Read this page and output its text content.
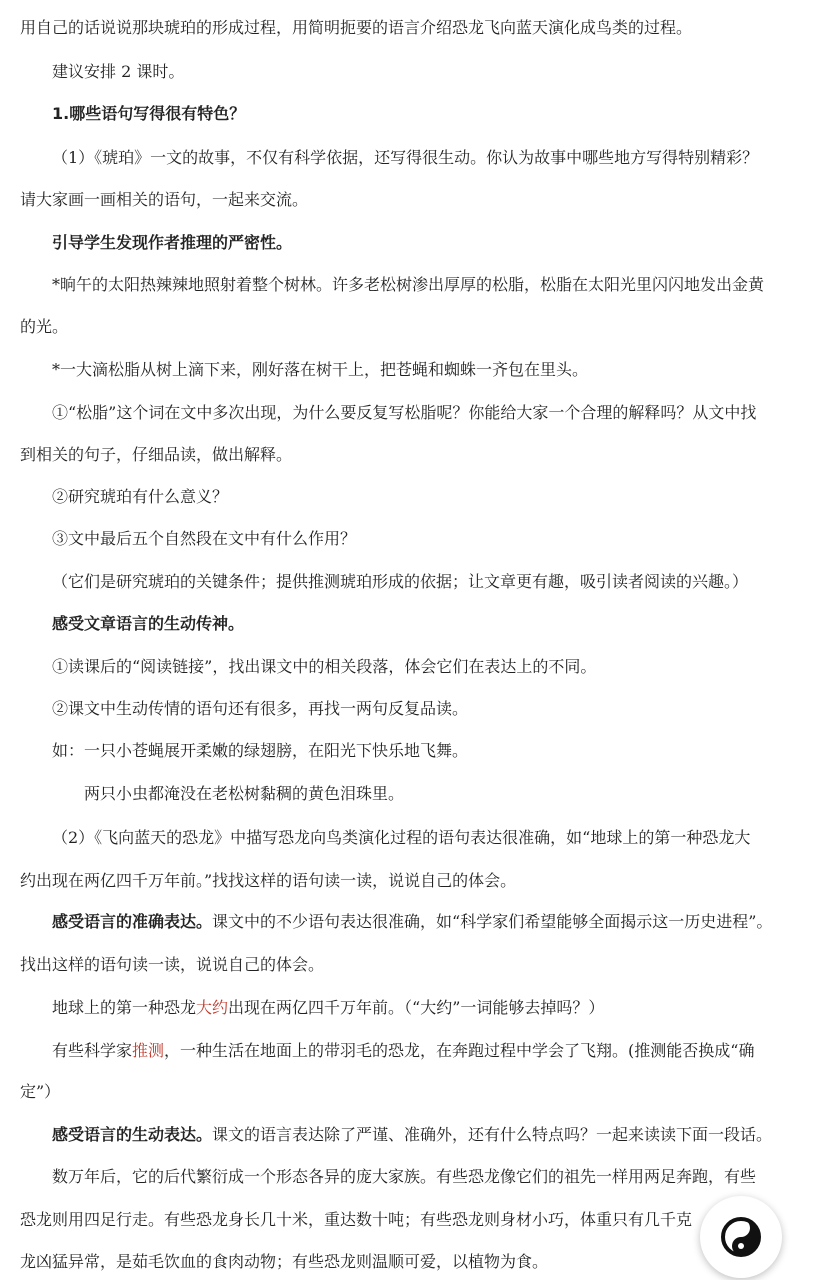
用自己的话说说那块琥珀的形成过程，用简明扼要的语言介绍恐龙飞向蓝天演化成鸟类的过程。
建议安排 2 课时。
1.哪些语句写得很有特色？
（1）《琥珀》一文的故事，不仅有科学依据，还写得很生动。你认为故事中哪些地方写得特别精彩？
请大家画一画相关的语句，一起来交流。
引导学生发现作者推理的严密性。
*晌午的太阳热辣辣地照射着整个树林。许多老松树渗出厚厚的松脂，松脂在太阳光里闪闪地发出金黄
的光。
*一大滴松脂从树上滴下来，刚好落在树干上，把苍蝇和蜘蛛一齐包在里头。
①“松脂”这个词在文中多次出现，为什么要反复写松脂呢？你能给大家一个合理的解释吗？从文中找
到相关的句子，仔细品读，做出解释。
②研究琥珀有什么意义？
③文中最后五个自然段在文中有什么作用？
（它们是研究琥珀的关键条件；提供推测琥珀形成的依据；让文章更有趣，吸引读者阅读的兴趣。）
感受文章语言的生动传神。
①读课后的“阅读链接”，找出课文中的相关段落，体会它们在表达上的不同。
②课文中生动传情的语句还有很多，再找一两句反复品读。
如：一只小苍蝇展开柔嫩的绿翅膀，在阳光下快乐地飞舞。
两只小虫都淹没在老松树黏稠的黄色泪珠里。
（2）《飞向蓝天的恐龙》中描写恐龙向鸟类演化过程的语句表达很准确，如“地球上的第一种恐龙大
约出现在两亿四千万年前。”找找这样的语句读一读，说说自己的体会。
感受语言的准确表达。课文中的不少语句表达很准确，如“科学家们希望能够全面揭示这一历史进程”。
找出这样的语句读一读，说说自己的体会。
地球上的第一种恐龙大约出现在两亿四千万年前。（“大约”一词能够去掉吗？）
有些科学家推测，一种生活在地面上的带羽毛的恐龙，在奔跑过程中学会了飞翔。(推测能否换成“确
定”）
感受语言的生动表达。课文的语言表达除了严谨、准确外，还有什么特点吗？一起来读读下面一段话。
数万年后，它的后代繁衍成一个形态各异的庞大家族。有些恐龙像它们的祖先一样用两足奔跑，有些
恐龙则用四足行走。有些恐龙身长几十米，重达数十吨；有些恐龙则身材小巧，体重只有几千克
龙凶猛异常，是茹毛饮血的食肉动物；有些恐龙则温顺可爱，以植物为食。
